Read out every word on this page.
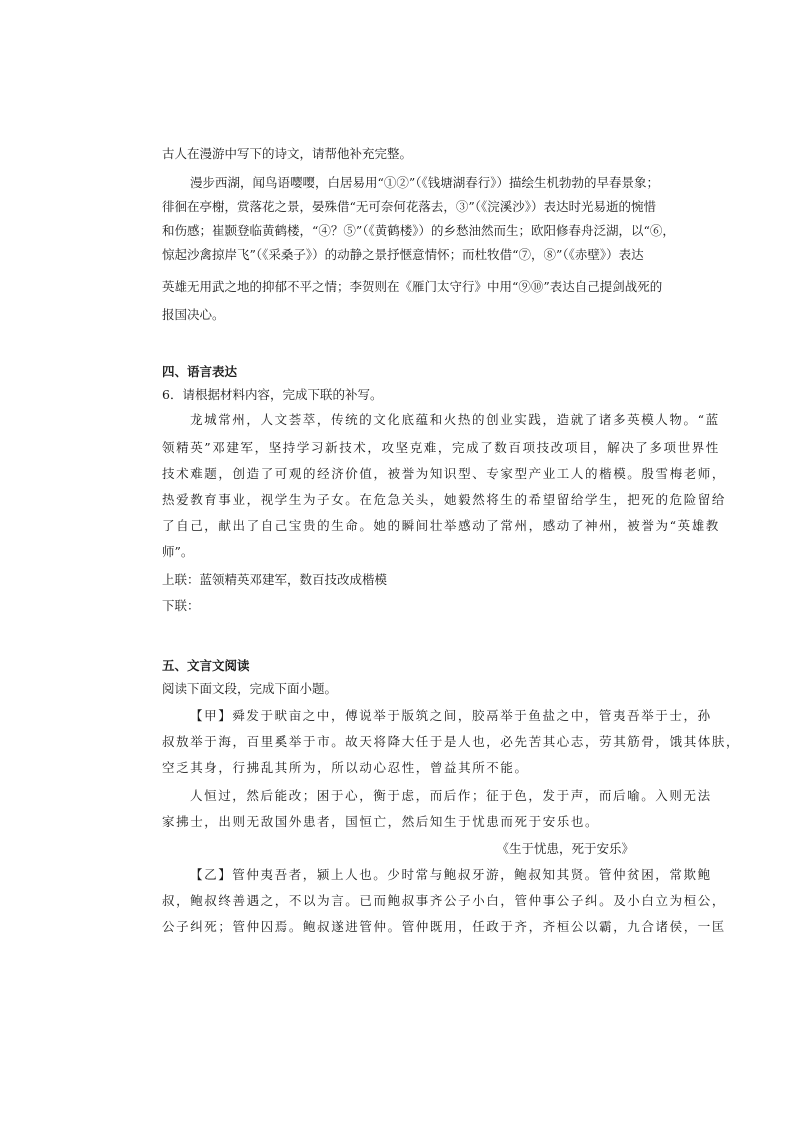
古人在漫游中写下的诗文，请帮他补充完整。
漫步西湖，闻鸟语嘤嘤，白居易用“①②”（《钱塘湖春行》）描绘生机勃勃的早春景象；
徘徊在亭榭，赏落花之景，晏殊借“无可奈何花落去，③”（《浣溪沙》）表达时光易逝的惋惜
和伤感；崔颢登临黄鹤楼，“④？⑤”（《黄鹤楼》）的乡愁油然而生；欧阳修春舟泛湖，以“⑥，
惊起沙禽掠岸飞”（《采桑子》）的动静之景抒惬意情怀；而杜牧借“⑦，⑧”（《赤壁》）表达
英雄无用武之地的抑郁不平之情；李贺则在《雁门太守行》中用“⑨⑩”表达自己提剑战死的
报国决心。
四、语言表达
6．请根据材料内容，完成下联的补写。
龙城常州，人文荟萃，传统的文化底蕴和火热的创业实践，造就了诸多英模人物。“蓝
领精英”邓建军，坚持学习新技术，攻坚克难，完成了数百项技改项目，解决了多项世界性
技术难题，创造了可观的经济价值，被誉为知识型、专家型产业工人的楷模。殷雪梅老师，
热爱教育事业，视学生为子女。在危急关头，她毅然将生的希望留给学生，把死的危险留给
了自己，献出了自己宝贵的生命。她的瞬间壮举感动了常州，感动了神州，被誉为“英雄教
师”。
上联：蓝领精英邓建军，数百技改成楷模
下联：
五、文言文阅读
阅读下面文段，完成下面小题。
【甲】舜发于畎亩之中，傅说举于版筑之间，胶鬲举于鱼盐之中，管夷吾举于士，孙
叔敖举于海，百里奚举于市。故天将降大任于是人也，必先苦其心志，劳其筋骨，饿其体肤，
空乏其身，行拂乱其所为，所以动心忍性，曾益其所不能。
人恒过，然后能改；困于心，衡于虑，而后作；征于色，发于声，而后喻。入则无法
家拂士，出则无敌国外患者，国恒亡，然后知生于忧患而死于安乐也。
《生于忧患，死于安乐》
【乙】管仲夷吾者，颍上人也。少时常与鲍叔牙游，鲍叔知其贤。管仲贫困，常欺鲍
叔，鲍叔终善遇之，不以为言。已而鲍叔事齐公子小白，管仲事公子纠。及小白立为桓公，
公子纠死；管仲囚焉。鲍叔遂进管仲。管仲既用，任政于齐，齐桓公以霸，九合诸侯，一匡
